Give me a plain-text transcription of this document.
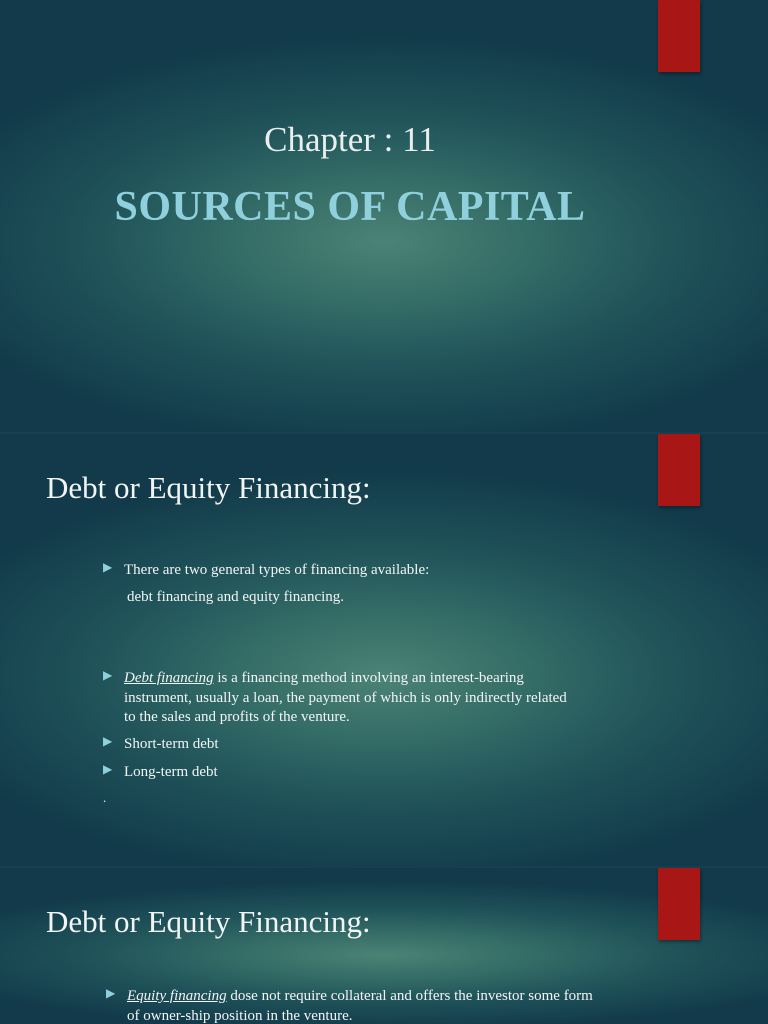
Chapter : 11
SOURCES OF CAPITAL
Debt or Equity Financing:
▶ There are two general types of financing available:
debt financing and equity financing.
▶ Debt financing is a financing method involving an interest-bearing
instrument, usually a loan, the payment of which is only indirectly related
to the sales and profits of the venture.
▶ Short-term debt
▶ Long-term debt
.
Debt or Equity Financing:
▶ Equity financing dose not require collateral and offers the investor some form
of owner-ship position in the venture.
